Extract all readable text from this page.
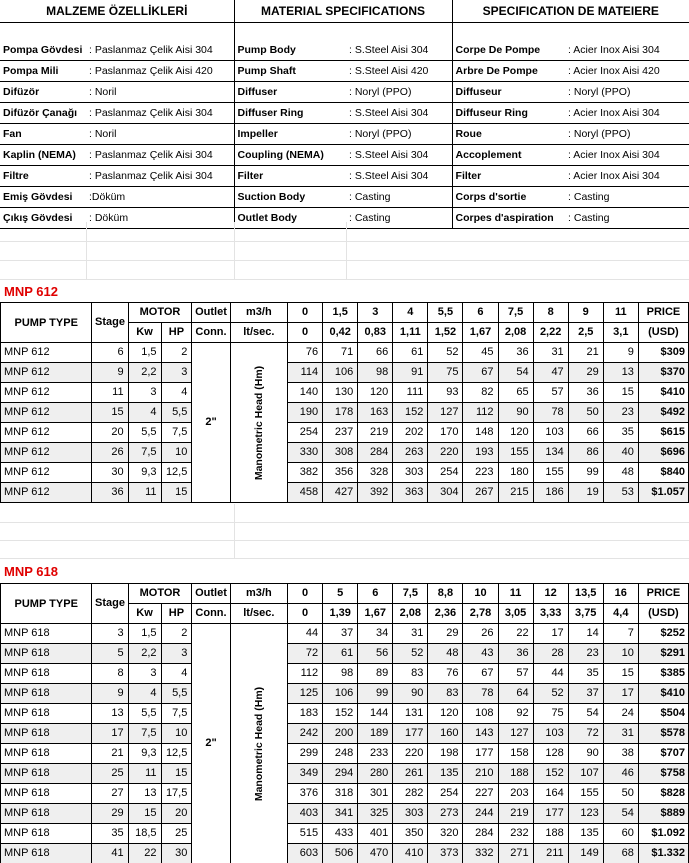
MALZEME ÖZELLİKLERİ		MATERIAL SPECIFICATIONS		SPECIFICATION DE MATEIERE	

Pompa Gövdesi	: Paslanmaz Çelik Aisi 304	Pump Body	: S.Steel Aisi 304	Corpe De Pompe	: Acier Inox Aisi 304
Pompa Mili	: Paslanmaz Çelik Aisi 420	Pump Shaft	: S.Steel Aisi 420	Arbre De Pompe	: Acier Inox Aisi 420
Difüzör	: Noril	Diffuser	: Noryl (PPO)	Diffuseur	: Noryl (PPO)
Difüzör Çanağı	: Paslanmaz Çelik Aisi 304	Diffuser Ring	: S.Steel Aisi 304	Diffuseur Ring	: Acier Inox Aisi 304
Fan	: Noril	Impeller	: Noryl (PPO)	Roue	: Noryl (PPO)
Kaplin (NEMA)	: Paslanmaz Çelik Aisi 304	Coupling (NEMA)	: S.Steel Aisi 304	Accoplement	: Acier Inox Aisi 304
Filtre	: Paslanmaz Çelik Aisi 304	Filter	: S.Steel Aisi 304	Filter	: Acier Inox Aisi 304
Emiş Gövdesi	:Döküm	Suction Body	: Casting	Corps d'sortie	: Casting
Çıkış Gövdesi	: Döküm	Outlet Body	: Casting	Corpes d'aspiration	: Casting

MNP 612
PUMP TYPE	Stage	MOTOR		Outlet	m3/h	0	1,5	3	4	5,5	6	7,5	8	9	11	PRICE
		Kw	HP	Conn.	lt/sec.	0	0,42	0,83	1,11	1,52	1,67	2,08	2,22	2,5	3,1	(USD)
MNP 612	6	1,5	2	2"		76	71	66	61	52	45	36	31	21	9	$309
MNP 612	9	2,2	3			114	106	98	91	75	67	54	47	29	13	$370
MNP 612	11	3	4			140	130	120	111	93	82	65	57	36	15	$410
MNP 612	15	4	5,5			190	178	163	152	127	112	90	78	50	23	$492
MNP 612	20	5,5	7,5			254	237	219	202	170	148	120	103	66	35	$615
MNP 612	26	7,5	10			330	308	284	263	220	193	155	134	86	40	$696
MNP 612	30	9,3	12,5			382	356	328	303	254	223	180	155	99	48	$840
MNP 612	36	11	15			458	427	392	363	304	267	215	186	19	53	$1.057
Manometric Head (Hm)

MNP 618
PUMP TYPE	Stage	MOTOR		Outlet	m3/h	0	5	6	7,5	8,8	10	11	12	13,5	16	PRICE
		Kw	HP	Conn.	lt/sec.	0	1,39	1,67	2,08	2,36	2,78	3,05	3,33	3,75	4,4	(USD)
MNP 618	3	1,5	2	2"		44	37	34	31	29	26	22	17	14	7	$252
MNP 618	5	2,2	3			72	61	56	52	48	43	36	28	23	10	$291
MNP 618	8	3	4			112	98	89	83	76	67	57	44	35	15	$385
MNP 618	9	4	5,5			125	106	99	90	83	78	64	52	37	17	$410
MNP 618	13	5,5	7,5			183	152	144	131	120	108	92	75	54	24	$504
MNP 618	17	7,5	10			242	200	189	177	160	143	127	103	72	31	$578
MNP 618	21	9,3	12,5			299	248	233	220	198	177	158	128	90	38	$707
MNP 618	25	11	15			349	294	280	261	135	210	188	152	107	46	$758
MNP 618	27	13	17,5			376	318	301	282	254	227	203	164	155	50	$828
MNP 618	29	15	20			403	341	325	303	273	244	219	177	123	54	$889
MNP 618	35	18,5	25			515	433	401	350	320	284	232	188	135	60	$1.092
MNP 618	41	22	30			603	506	470	410	373	332	271	211	149	68	$1.332
Manometric Head (Hm)
